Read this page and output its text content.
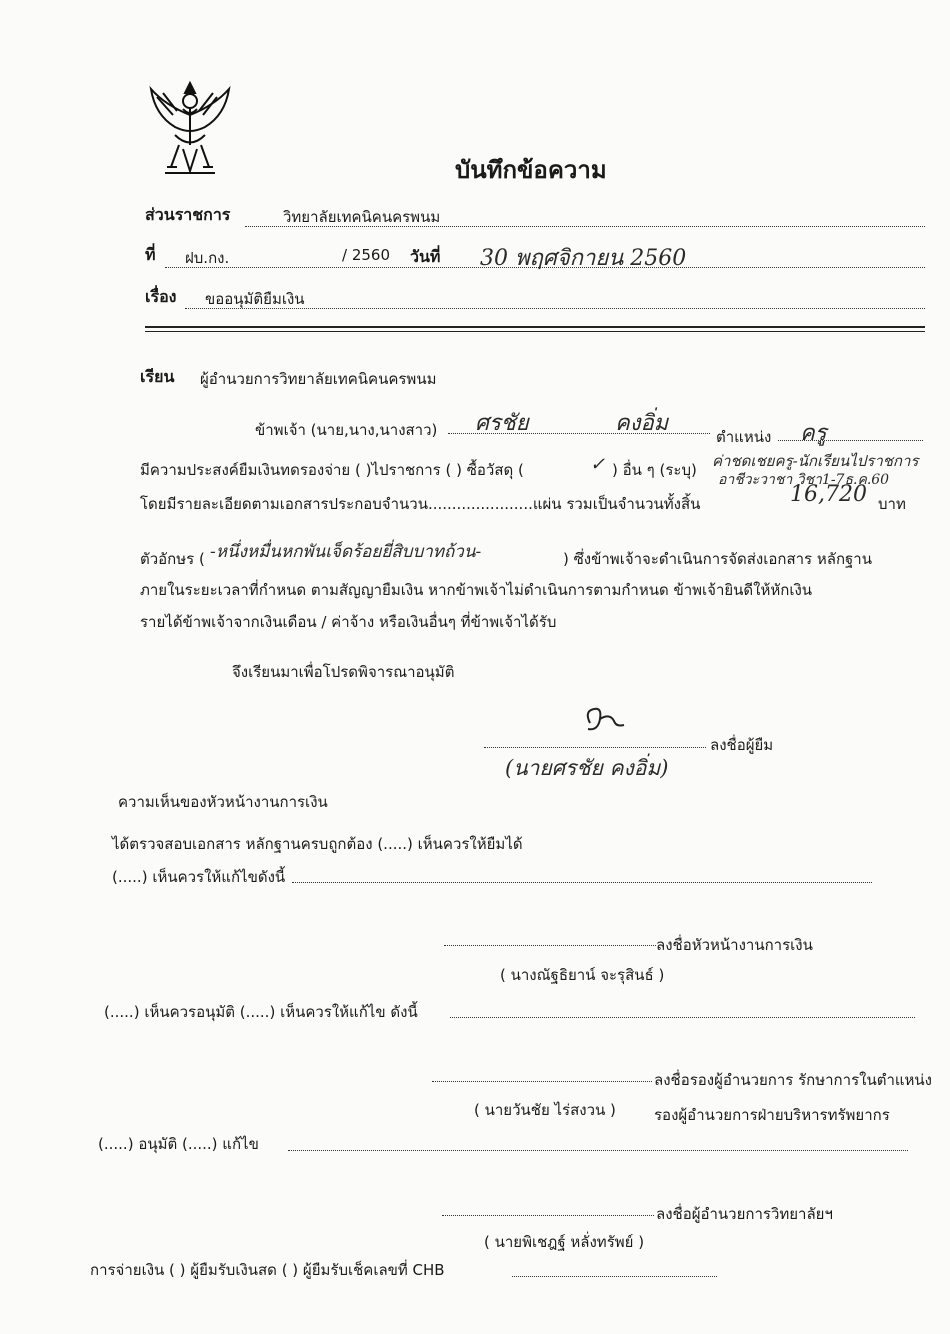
บันทึกข้อความ
ส่วนราชการ	วิทยาลัยเทคนิคนครพนม
ที่ ฝบ.กง.	/ 2560 วันที่ 30 พฤศจิกายน 2560
เรื่อง ขออนุมัติยืมเงิน
เรียน ผู้อำนวยการวิทยาลัยเทคนิคนครพนม
ข้าพเจ้า (นาย,นาง,นางสาว) ศรชัย	คงอิ่ม
ตำแหน่ง ครู
มีความประสงค์ยืมเงินทดรองจ่าย ( )ไปราชการ ( ) ซื้อวัสดุ (	✓ ) อื่น ๆ (ระบุ) ค่าชดเชยครู-นักเรียนไปราชการ
อาชีวะวาชา วิชา1-7ธ.ค.60
โดยมีรายละเอียดตามเอกสารประกอบจำนวน......................แผ่น รวมเป็นจำนวนทั้งสิ้น	16,720 บาท
ตัวอักษร ( -หนึ่งหมื่นหกพันเจ็ดร้อยยี่สิบบาทถ้วน-	) ซึ่งข้าพเจ้าจะดำเนินการจัดส่งเอกสาร หลักฐาน
ภายในระยะเวลาที่กำหนด ตามสัญญายืมเงิน หากข้าพเจ้าไม่ดำเนินการตามกำหนด ข้าพเจ้ายินดีให้หักเงิน
รายได้ข้าพเจ้าจากเงินเดือน / ค่าจ้าง หรือเงินอื่นๆ ที่ข้าพเจ้าได้รับ
จึงเรียนมาเพื่อโปรดพิจารณาอนุมัติ
ลงชื่อผู้ยืม
(นายศรชัย คงอิ่ม)
ความเห็นของหัวหน้างานการเงิน
ได้ตรวจสอบเอกสาร หลักฐานครบถูกต้อง (.....) เห็นควรให้ยืมได้
(.....) เห็นควรให้แก้ไขดังนี้
ลงชื่อหัวหน้างานการเงิน
( นางณัฐธิยาน์ จะรุสินธ์ )
(.....) เห็นควรอนุมัติ (.....) เห็นควรให้แก้ไข ดังนี้
ลงชื่อรองผู้อำนวยการ รักษาการในตำแหน่ง
( นายวันชัย ไร่สงวน )	รองผู้อำนวยการฝ่ายบริหารทรัพยากร
(.....) อนุมัติ (.....) แก้ไข
ลงชื่อผู้อำนวยการวิทยาลัยฯ
( นายพิเชฎฐ์ หลั่งทรัพย์ )
การจ่ายเงิน ( ) ผู้ยืมรับเงินสด ( ) ผู้ยืมรับเช็คเลขที่ CHB
